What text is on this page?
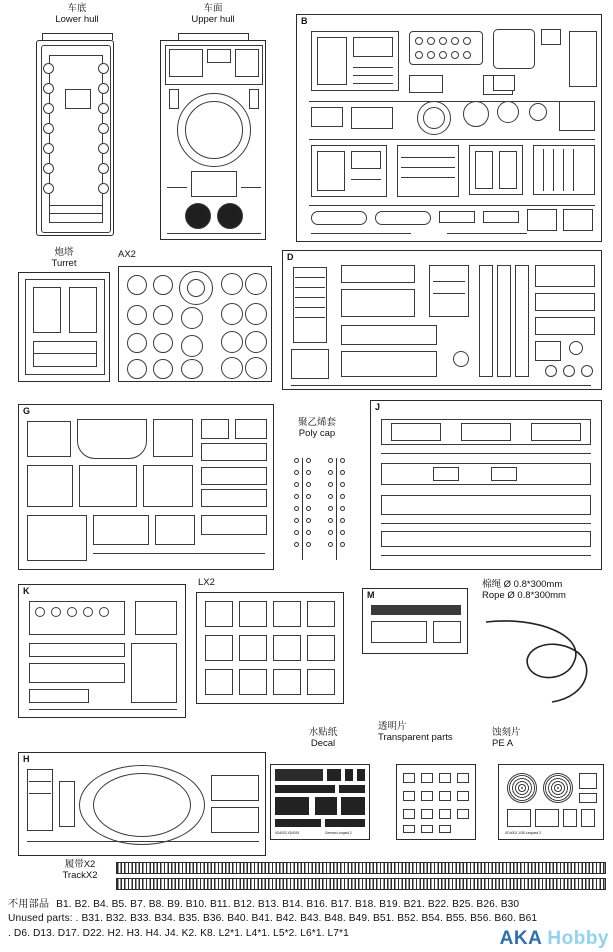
车底
Lower hull
车面
Upper hull	B
炮塔
Turret
AX2	D
G
聚乙烯套
Poly cap
J
K
LX2
M
棉绳 Ø 0.8*300mm
Rope Ø 0.8*300mm
水贴纸
Decal
XD4002-XD4019	German Leopard 2
透明片
Transparent parts	蚀刻片
PE A
XD4001 1/35 Leopard 2
H
履带X2
TrackX2
不用部品 B1. B2. B4. B5. B7. B8. B9. B10. B11. B12. B13. B14. B16. B17. B18. B19. B21. B22. B25. B26. B30
Unused parts: . B31. B32. B33. B34. B35. B36. B40. B41. B42. B43. B48. B49. B51. B52. B54. B55. B56. B60. B61
. D6. D13. D17. D22. H2. H3. H4. J4. K2. K8. L2*1. L4*1. L5*2. L6*1. L7*1	AKA Hobby
